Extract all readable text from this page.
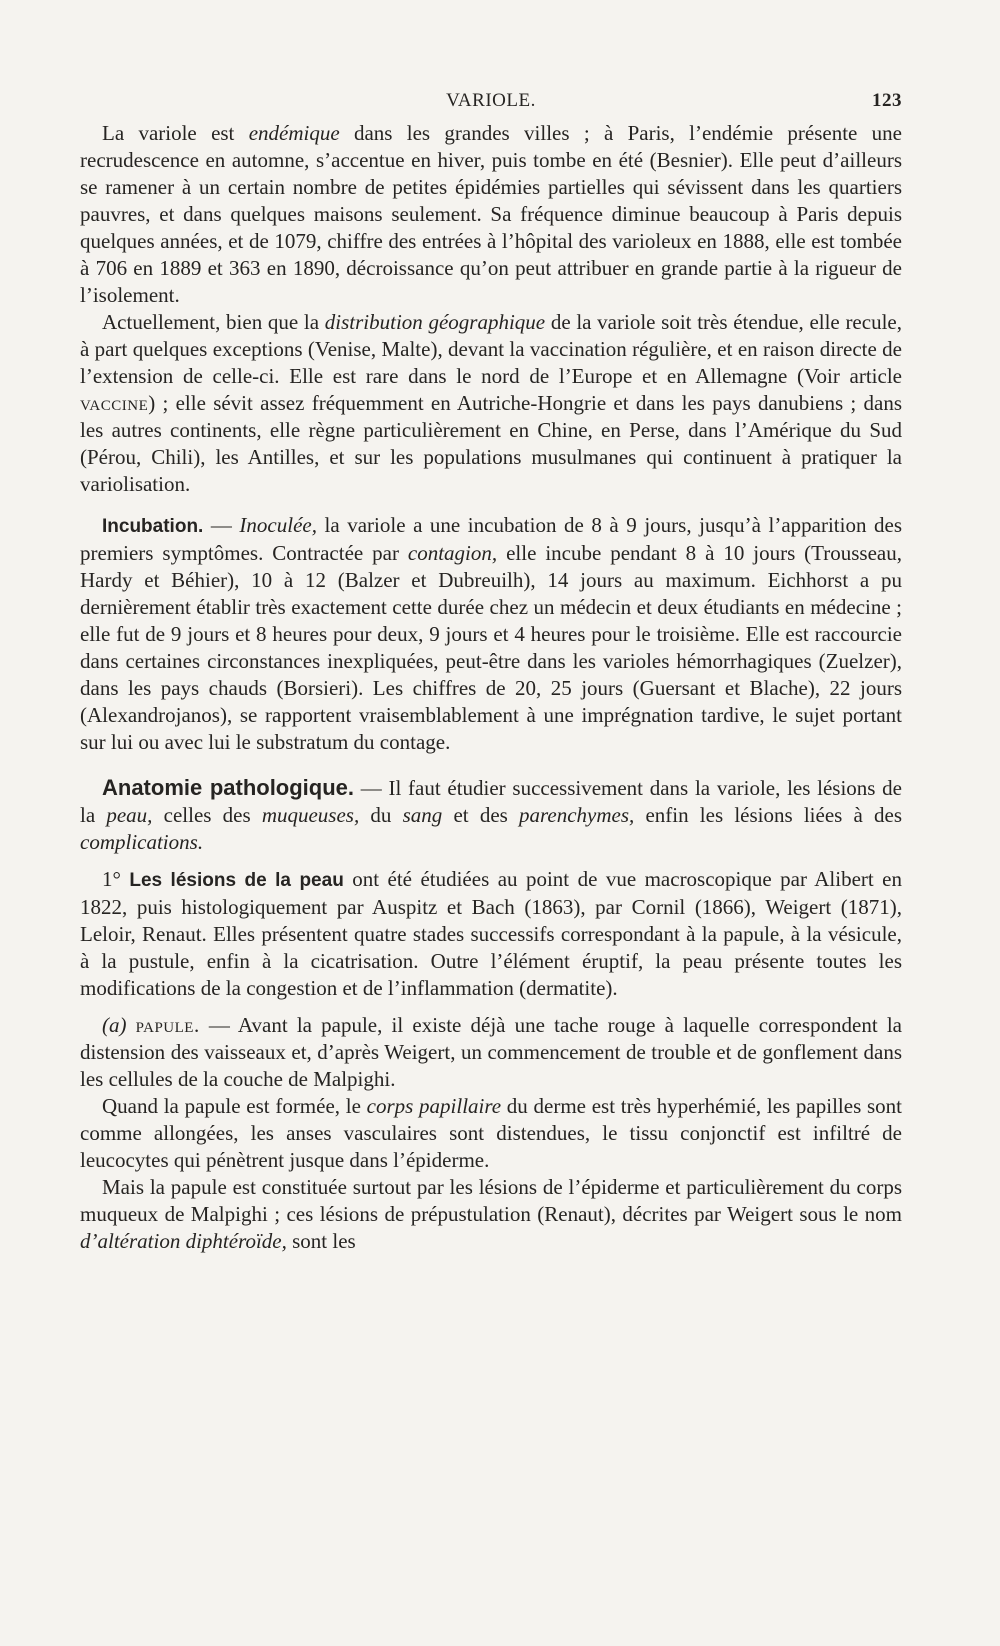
VARIOLE.	123

La variole est endémique dans les grandes villes ; à Paris, l’endémie présente une recrudescence en automne, s’accentue en hiver, puis tombe en été (Besnier). Elle peut d’ailleurs se ramener à un certain nombre de petites épidémies partielles qui sévissent dans les quartiers pauvres, et dans quelques maisons seulement. Sa fréquence diminue beaucoup à Paris depuis quelques années, et de 1079, chiffre des entrées à l’hôpital des varioleux en 1888, elle est tombée à 706 en 1889 et 363 en 1890, décroissance qu’on peut attribuer en grande partie à la rigueur de l’isolement.

Actuellement, bien que la distribution géographique de la variole soit très étendue, elle recule, à part quelques exceptions (Venise, Malte), devant la vaccination régulière, et en raison directe de l’extension de celle-ci. Elle est rare dans le nord de l’Europe et en Allemagne (Voir article vaccine) ; elle sévit assez fréquemment en Autriche-Hongrie et dans les pays danubiens ; dans les autres continents, elle règne particulièrement en Chine, en Perse, dans l’Amérique du Sud (Pérou, Chili), les Antilles, et sur les populations musulmanes qui continuent à pratiquer la variolisation.

Incubation. — Inoculée, la variole a une incubation de 8 à 9 jours, jusqu’à l’apparition des premiers symptômes. Contractée par contagion, elle incube pendant 8 à 10 jours (Trousseau, Hardy et Béhier), 10 à 12 (Balzer et Dubreuilh), 14 jours au maximum. Eichhorst a pu dernièrement établir très exactement cette durée chez un médecin et deux étudiants en médecine ; elle fut de 9 jours et 8 heures pour deux, 9 jours et 4 heures pour le troisième. Elle est raccourcie dans certaines circonstances inexpliquées, peut-être dans les varioles hémorrhagiques (Zuelzer), dans les pays chauds (Borsieri). Les chiffres de 20, 25 jours (Guersant et Blache), 22 jours (Alexandrojanos), se rapportent vraisemblablement à une imprégnation tardive, le sujet portant sur lui ou avec lui le substratum du contage.

Anatomie pathologique. — Il faut étudier successivement dans la variole, les lésions de la peau, celles des muqueuses, du sang et des parenchymes, enfin les lésions liées à des complications.

1° Les lésions de la peau ont été étudiées au point de vue macroscopique par Alibert en 1822, puis histologiquement par Auspitz et Bach (1863), par Cornil (1866), Weigert (1871), Leloir, Renaut. Elles présentent quatre stades successifs correspondant à la papule, à la vésicule, à la pustule, enfin à la cicatrisation. Outre l’élément éruptif, la peau présente toutes les modifications de la congestion et de l’inflammation (dermatite).

(a) papule. — Avant la papule, il existe déjà une tache rouge à laquelle correspondent la distension des vaisseaux et, d’après Weigert, un commencement de trouble et de gonflement dans les cellules de la couche de Malpighi.

Quand la papule est formée, le corps papillaire du derme est très hyperhémié, les papilles sont comme allongées, les anses vasculaires sont distendues, le tissu conjonctif est infiltré de leucocytes qui pénètrent jusque dans l’épiderme.

Mais la papule est constituée surtout par les lésions de l’épiderme et particulièrement du corps muqueux de Malpighi ; ces lésions de prépustulation (Renaut), décrites par Weigert sous le nom d’altération diphtéroïde, sont les
